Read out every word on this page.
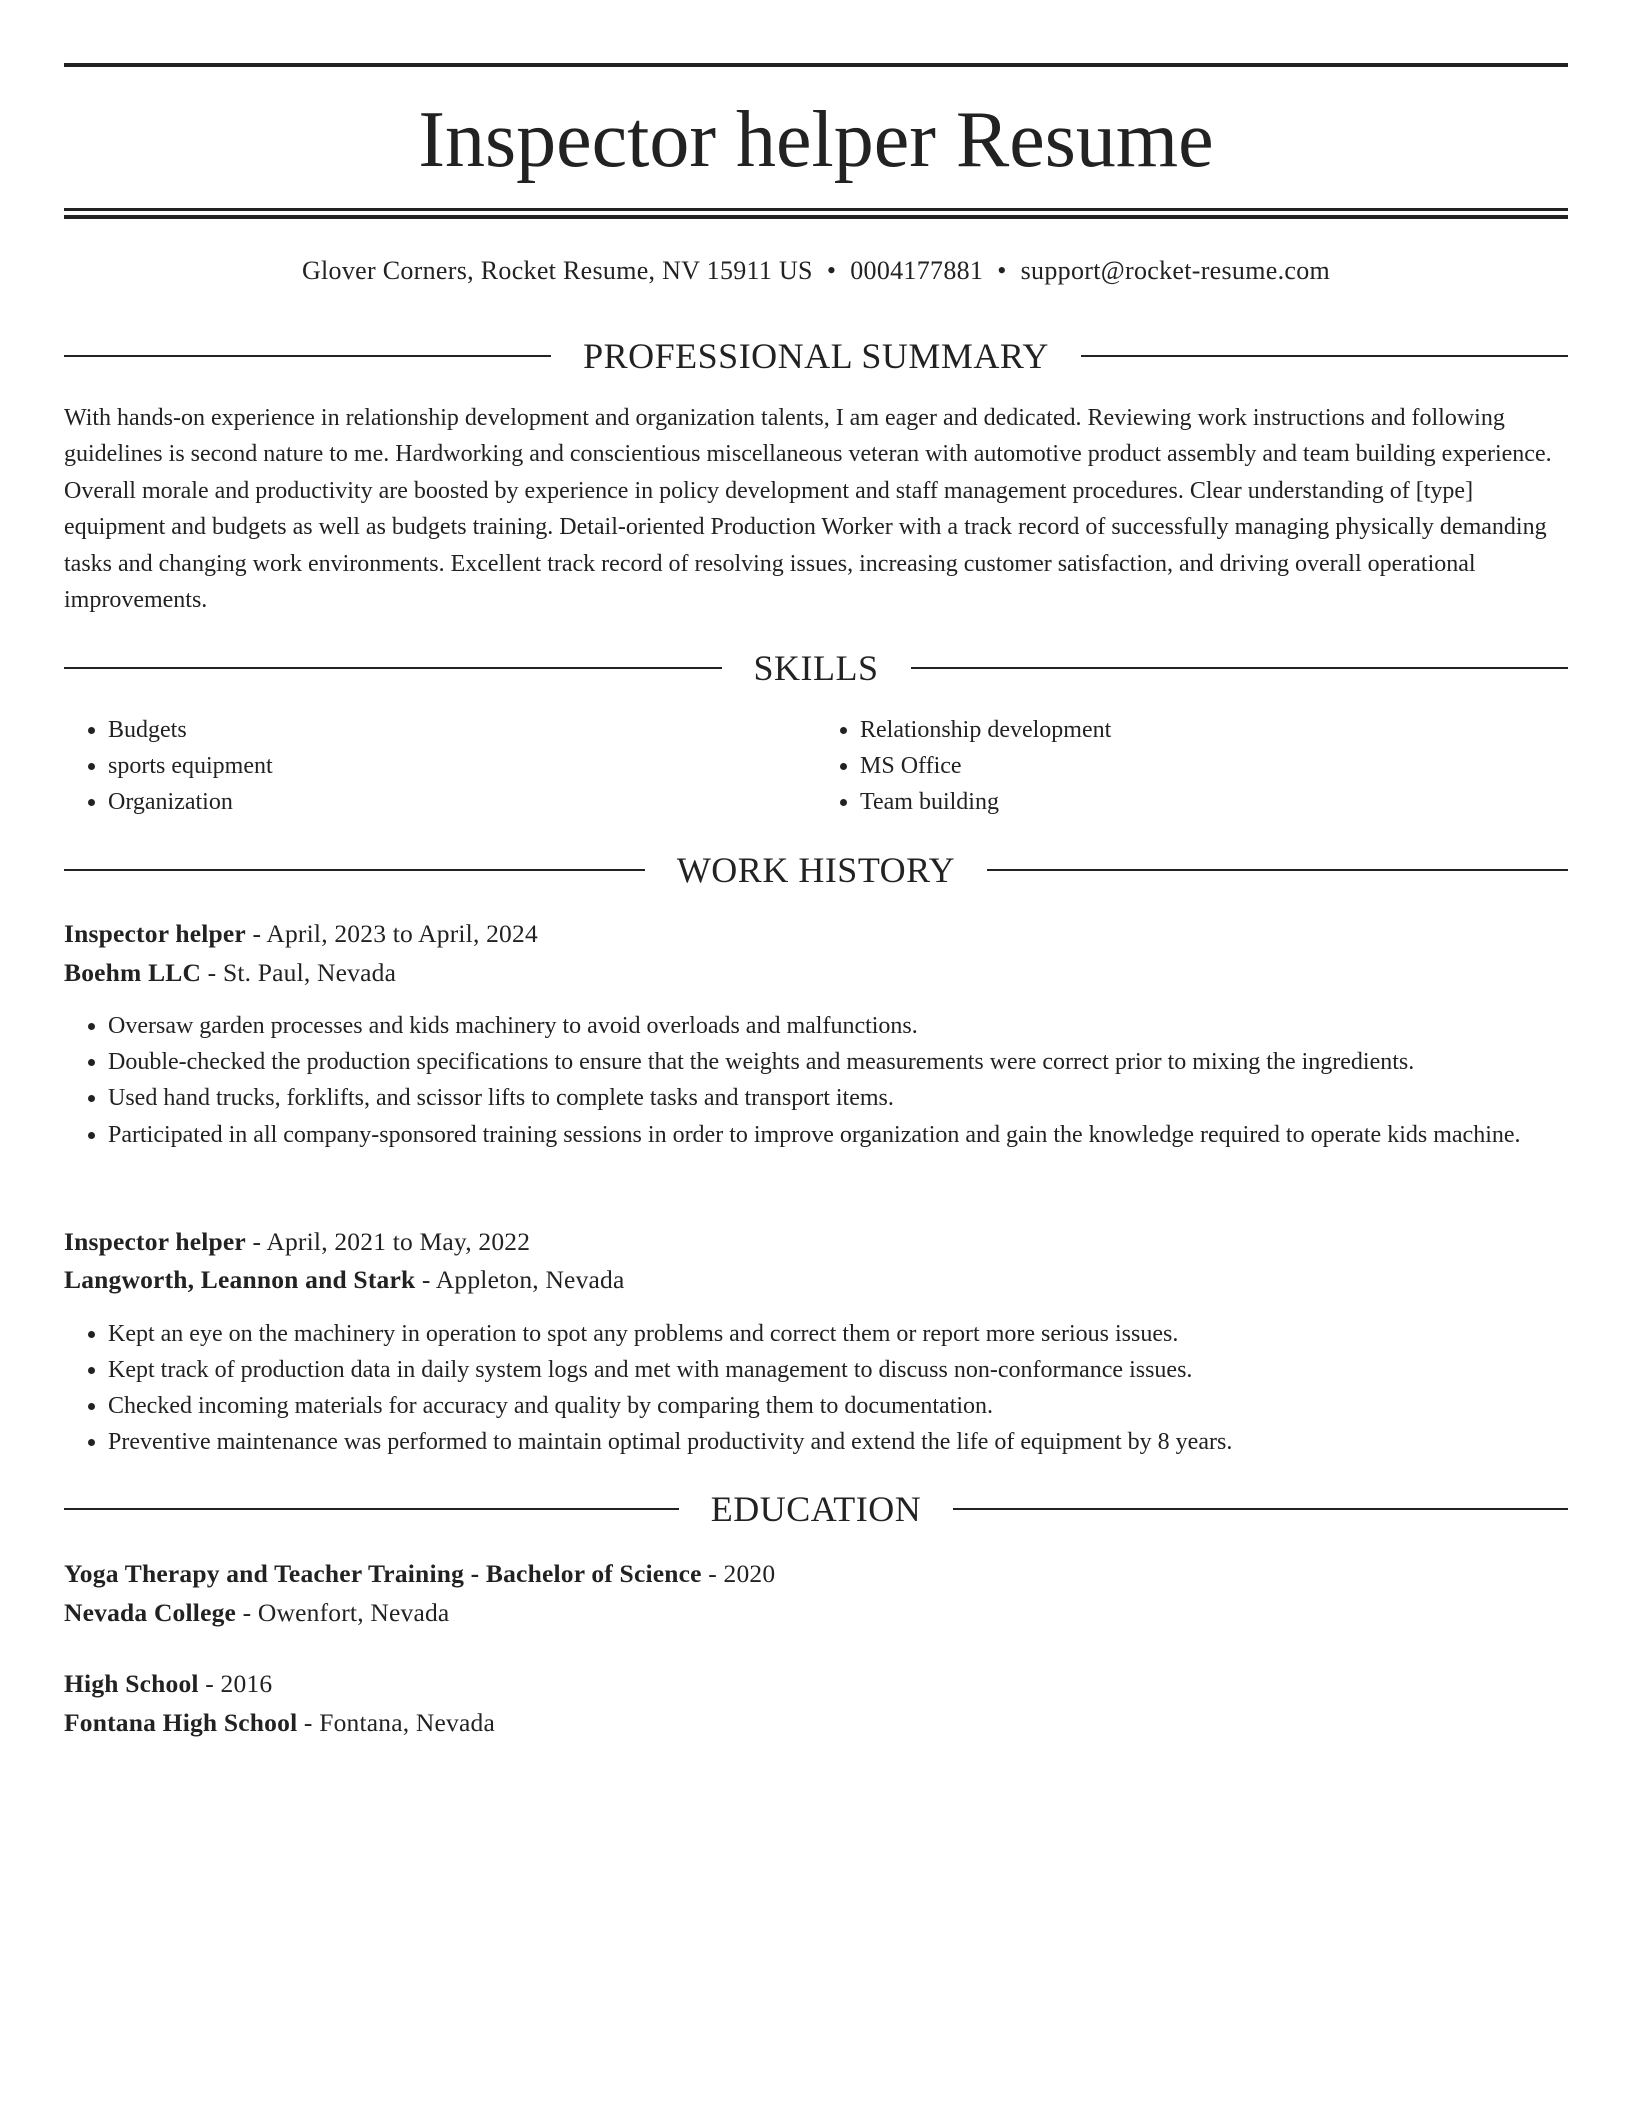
Inspector helper Resume
Glover Corners, Rocket Resume, NV 15911 US • 0004177881 • support@rocket-resume.com
PROFESSIONAL SUMMARY

With hands-on experience in relationship development and organization talents, I am eager and dedicated. Reviewing work instructions and following guidelines is second nature to me. Hardworking and conscientious miscellaneous veteran with automotive product assembly and team building experience. Overall morale and productivity are boosted by experience in policy development and staff management procedures. Clear understanding of [type] equipment and budgets as well as budgets training. Detail-oriented Production Worker with a track record of successfully managing physically demanding tasks and changing work environments. Excellent track record of resolving issues, increasing customer satisfaction, and driving overall operational improvements.

SKILLS
• Budgets
• sports equipment
• Organization
• Relationship development
• MS Office
• Team building
WORK HISTORY
Inspector helper - April, 2023 to April, 2024
Boehm LLC - St. Paul, Nevada
• Oversaw garden processes and kids machinery to avoid overloads and malfunctions.
• Double-checked the production specifications to ensure that the weights and measurements were correct prior to mixing the ingredients.
• Used hand trucks, forklifts, and scissor lifts to complete tasks and transport items.
• Participated in all company-sponsored training sessions in order to improve organization and gain the knowledge required to operate kids machine.
Inspector helper - April, 2021 to May, 2022
Langworth, Leannon and Stark - Appleton, Nevada
• Kept an eye on the machinery in operation to spot any problems and correct them or report more serious issues.
• Kept track of production data in daily system logs and met with management to discuss non-conformance issues.
• Checked incoming materials for accuracy and quality by comparing them to documentation.
• Preventive maintenance was performed to maintain optimal productivity and extend the life of equipment by 8 years.
EDUCATION
Yoga Therapy and Teacher Training - Bachelor of Science - 2020
Nevada College - Owenfort, Nevada
High School - 2016
Fontana High School - Fontana, Nevada
